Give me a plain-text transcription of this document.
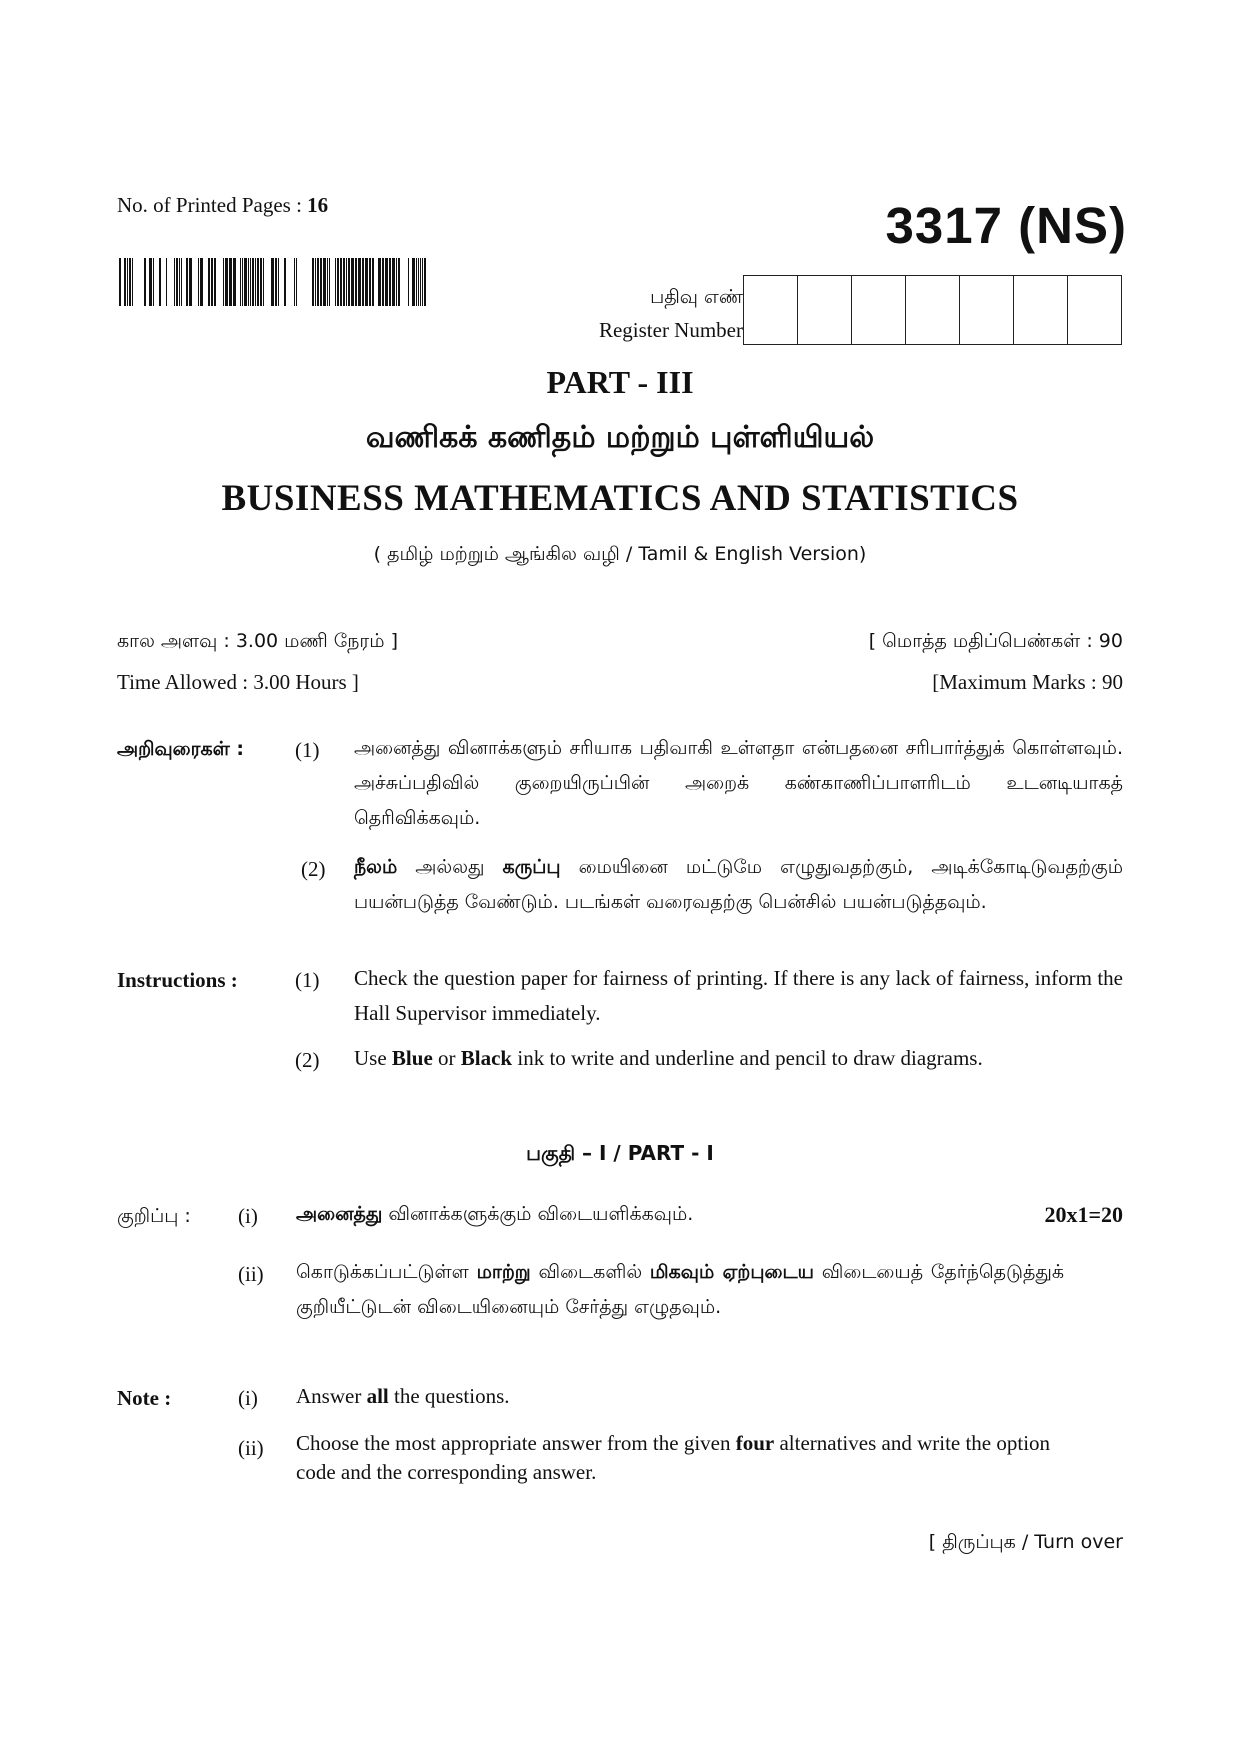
No. of Printed Pages : 16	3317 (NS)
பதிவு எண்
Register Number
PART - III
வணிகக் கணிதம் மற்றும் புள்ளியியல்
BUSINESS MATHEMATICS AND STATISTICS
( தமிழ் மற்றும் ஆங்கில வழி / Tamil & English Version)
கால அளவு : 3.00 மணி நேரம் ]
Time Allowed : 3.00 Hours ]
[ மொத்த மதிப்பெண்கள் : 90
[Maximum Marks : 90
அறிவுரைகள் : (1) அனைத்து வினாக்களும் சரியாக பதிவாகி உள்ளதா என்பதனை சரிபார்த்துக் கொள்ளவும். அச்சுப்பதிவில் குறையிருப்பின் அறைக் கண்காணிப்பாளரிடம் உடனடியாகத் தெரிவிக்கவும்.
(2) நீலம் அல்லது கருப்பு மையினை மட்டுமே எழுதுவதற்கும், அடிக்கோடிடுவதற்கும் பயன்படுத்த வேண்டும். படங்கள் வரைவதற்கு பென்சில் பயன்படுத்தவும்.
Instructions :	(1) Check the question paper for fairness of printing. If there is any lack of fairness, inform the Hall Supervisor immediately.
(2) Use Blue or Black ink to write and underline and pencil to draw diagrams.
பகுதி – I / PART - I
குறிப்பு : (i) அனைத்து வினாக்களுக்கும் விடையளிக்கவும்.	20x1=20
(ii) கொடுக்கப்பட்டுள்ள மாற்று விடைகளில் மிகவும் ஏற்புடைய விடையைத் தேர்ந்தெடுத்துக் குறியீட்டுடன் விடையினையும் சேர்த்து எழுதவும்.
Note :	(i) Answer all the questions.
(ii) Choose the most appropriate answer from the given four alternatives and write the option code and the corresponding answer.
[ திருப்புக / Turn over
